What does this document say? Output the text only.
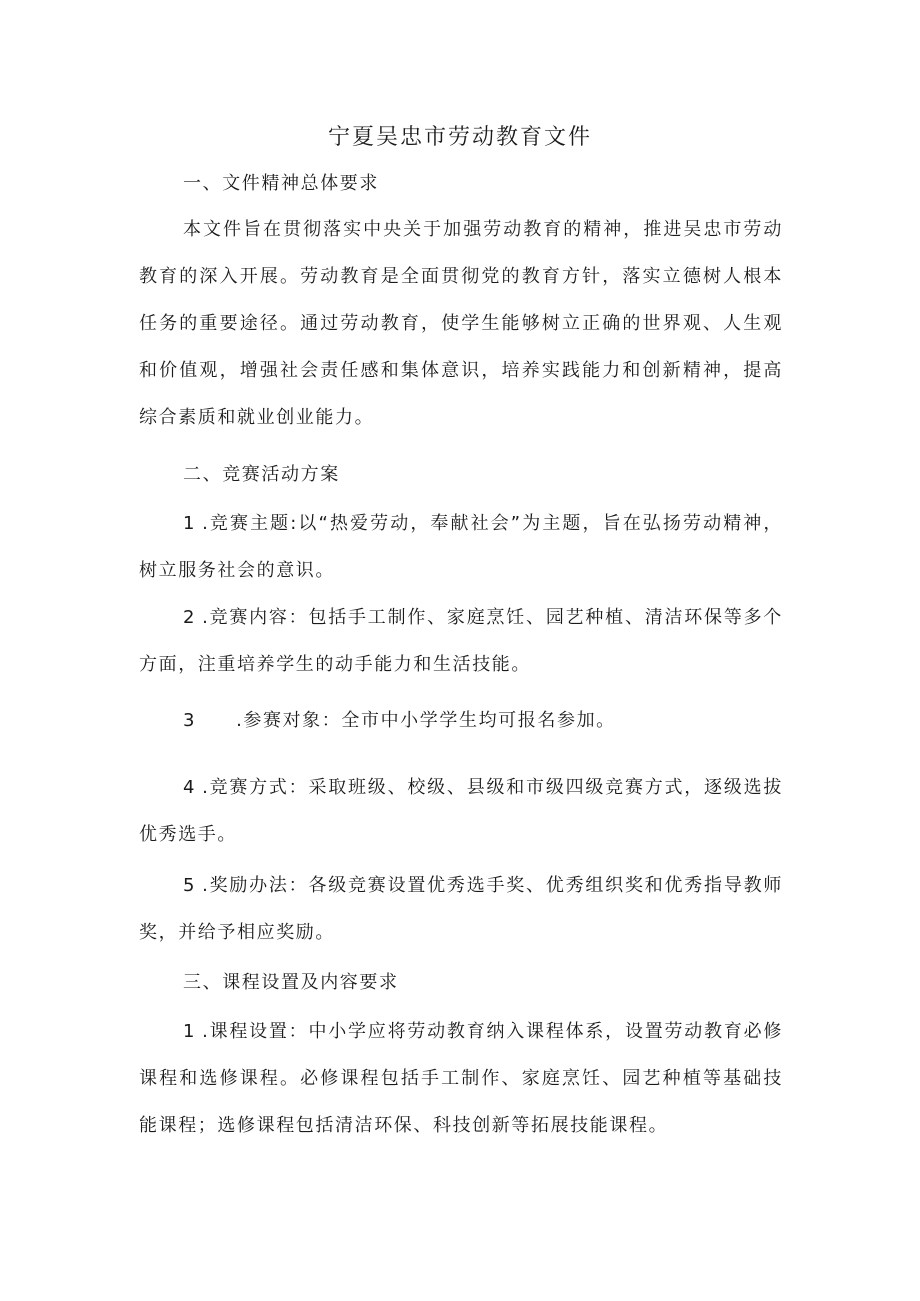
宁夏吴忠市劳动教育文件
一、文件精神总体要求

本文件旨在贯彻落实中央关于加强劳动教育的精神，推进吴忠市劳动教育的深入开展。劳动教育是全面贯彻党的教育方针，落实立德树人根本任务的重要途径。通过劳动教育，使学生能够树立正确的世界观、人生观和价值观，增强社会责任感和集体意识，培养实践能力和创新精神，提高综合素质和就业创业能力。

二、竞赛活动方案

1 .竞赛主题:以“热爱劳动，奉献社会”为主题，旨在弘扬劳动精神，树立服务社会的意识。

2 .竞赛内容：包括手工制作、家庭烹饪、园艺种植、清洁环保等多个方面，注重培养学生的动手能力和生活技能。

3 .参赛对象：全市中小学学生均可报名参加。

4 .竞赛方式：采取班级、校级、县级和市级四级竞赛方式，逐级选拔优秀选手。

5 .奖励办法：各级竞赛设置优秀选手奖、优秀组织奖和优秀指导教师奖，并给予相应奖励。

三、课程设置及内容要求

1 .课程设置：中小学应将劳动教育纳入课程体系，设置劳动教育必修课程和选修课程。必修课程包括手工制作、家庭烹饪、园艺种植等基础技能课程；选修课程包括清洁环保、科技创新等拓展技能课程。
